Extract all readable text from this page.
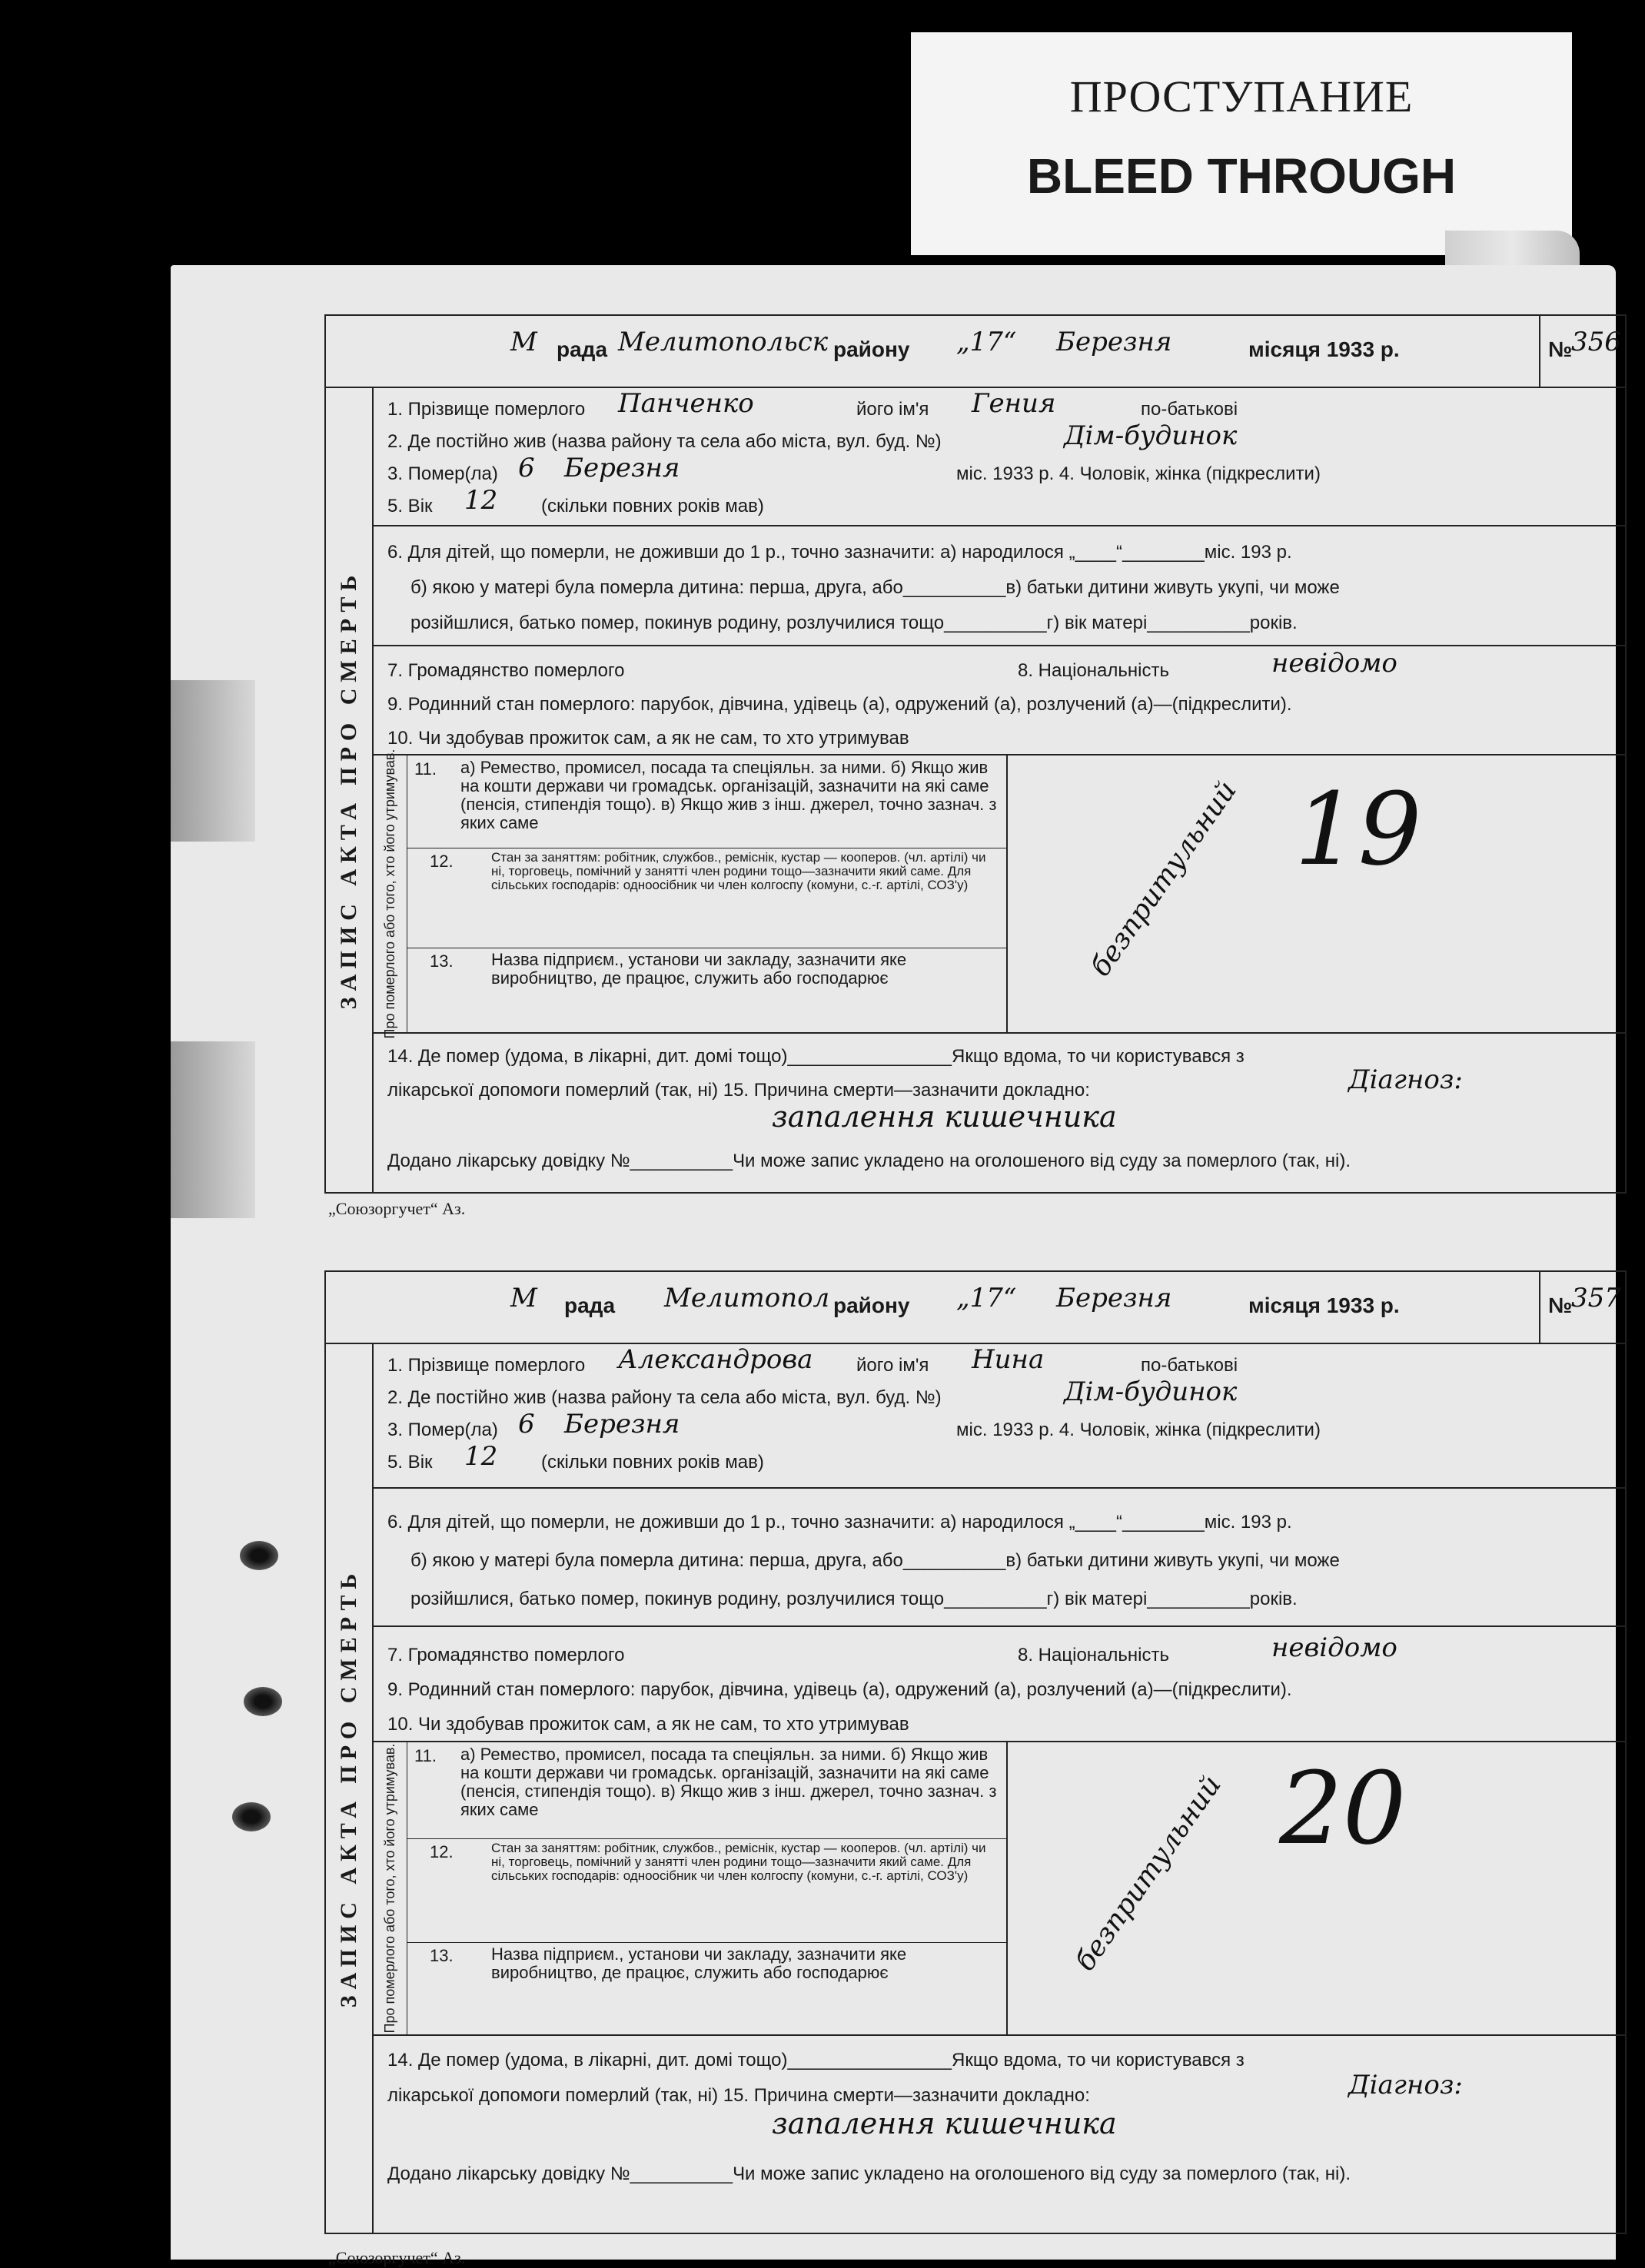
ПРОСТУПАНИЕ
BLEED THROUGH
М рада Мелитопольск району „17“ Березня	місяця 1933 р.	№
356
ЗАПИС АКТА ПРО СМЕРТЬ
1. Прізвище померлого Панченко	його ім'я Гения	по-батькові
2. Де постійно жив (назва району та села або міста, вул. буд. №)	Дім-будинок
3. Помер(ла) 6 Березня	міс. 1933 р. 4. Чоловік, жінка (підкреслити)
5. Вік 12 (скільки повних років мав)
6. Для дітей, що померли, не доживши до 1 р., точно зазначити: а) народилося „____“________міс. 193 р.
б) якою у матері була померла дитина: перша, друга, або__________в) батьки дитини живуть укупі, чи може
розійшлися, батько помер, покинув родину, розлучилися тощо__________г) вік матері__________років.
7. Громадянство померлого	8. Національність	невідомо
9. Родинний стан померлого: парубок, дівчина, удівець (а), одружений (а), розлучений (а)—(підкреслити).
10. Чи здобував прожиток сам, а як не сам, то хто утримував
Про померлого або того, хто його утримував. 11.	а) Ремество, промисел, посада та спеціяльн. за ними. б) Якщо жив на кошти держави чи громадськ. організацій, зазначити на які саме (пенсія, стипендія тощо). в) Якщо жив з інш. джерел, точно зазнач. з яких саме
12.	Стан за заняттям: робітник, службов., реміснік, кустар — кооперов. (чл. артілі) чи ні, торговець, помічний у занятті член родини тощо—зазначити який саме. Для сільських господарів: одноосібник чи член колгоспу (комуни, с.-г. артілі, СОЗ'у)
13.	Назва підприєм., установи чи закладу, зазначити яке виробництво, де працює, служить або господарює	безпритульний 19
14. Де помер (удома, в лікарні, дит. домі тощо)________________Якщо вдома, то чи користувався з
лікарської допомоги померлий (так, ні) 15. Причина смерти—зазначити докладно:	Діагноз:
запалення кишечника
Додано лікарську довідку №__________Чи може запис укладено на оголошеного від суду за померлого (так, ні).
„Союзоргучет“ Аз.
М рада Мелитопол району „17“ Березня	місяця 1933 р.	№
357
ЗАПИС АКТА ПРО СМЕРТЬ
1. Прізвище померлого Александрова його ім'я Нина	по-батькові
2. Де постійно жив (назва району та села або міста, вул. буд. №)	Дім-будинок
3. Помер(ла) 6 Березня	міс. 1933 р. 4. Чоловік, жінка (підкреслити)
5. Вік 12 (скільки повних років мав)
6. Для дітей, що померли, не доживши до 1 р., точно зазначити: а) народилося „____“________міс. 193 р.
б) якою у матері була померла дитина: перша, друга, або__________в) батьки дитини живуть укупі, чи може
розійшлися, батько помер, покинув родину, розлучилися тощо__________г) вік матері__________років.
7. Громадянство померлого	8. Національність	невідомо
9. Родинний стан померлого: парубок, дівчина, удівець (а), одружений (а), розлучений (а)—(підкреслити).
10. Чи здобував прожиток сам, а як не сам, то хто утримував
Про померлого або того, хто його утримував. 11.	а) Ремество, промисел, посада та спеціяльн. за ними. б) Якщо жив на кошти держави чи громадськ. організацій, зазначити на які саме (пенсія, стипендія тощо). в) Якщо жив з інш. джерел, точно зазнач. з яких саме
12.	Стан за заняттям: робітник, службов., реміснік, кустар — кооперов. (чл. артілі) чи ні, торговець, помічний у занятті член родини тощо—зазначити який саме. Для сільських господарів: одноосібник чи член колгоспу (комуни, с.-г. артілі, СОЗ'у)
13.	Назва підприєм., установи чи закладу, зазначити яке виробництво, де працює, служить або господарює	безпритульний 20
14. Де помер (удома, в лікарні, дит. домі тощо)________________Якщо вдома, то чи користувався з
лікарської допомоги померлий (так, ні) 15. Причина смерти—зазначити докладно:	Діагноз:
запалення кишечника
Додано лікарську довідку №__________Чи може запис укладено на оголошеного від суду за померлого (так, ні).
„Союзоргучет“ Аз.
